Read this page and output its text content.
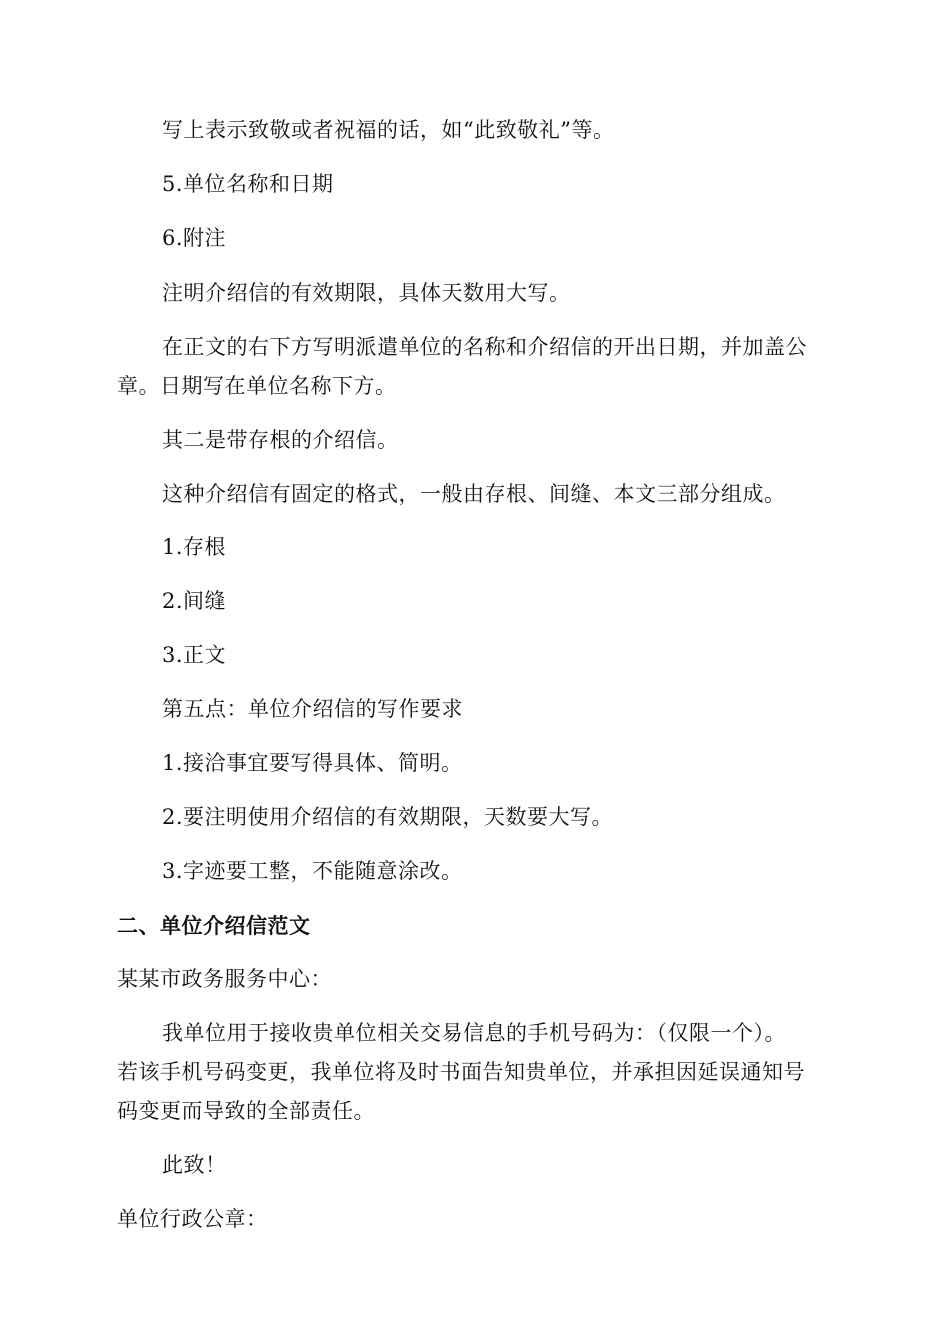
写上表示致敬或者祝福的话，如“此致敬礼”等。
5.单位名称和日期
6.附注
注明介绍信的有效期限，具体天数用大写。
在正文的右下方写明派遣单位的名称和介绍信的开出日期，并加盖公
章。日期写在单位名称下方。
其二是带存根的介绍信。
这种介绍信有固定的格式，一般由存根、间缝、本文三部分组成。
1.存根
2.间缝
3.正文
第五点：单位介绍信的写作要求
1.接洽事宜要写得具体、简明。
2.要注明使用介绍信的有效期限，天数要大写。
3.字迹要工整，不能随意涂改。
二、单位介绍信范文
某某市政务服务中心：
我单位用于接收贵单位相关交易信息的手机号码为：（仅限一个）。
若该手机号码变更，我单位将及时书面告知贵单位，并承担因延误通知号
码变更而导致的全部责任。
此致！
单位行政公章：
